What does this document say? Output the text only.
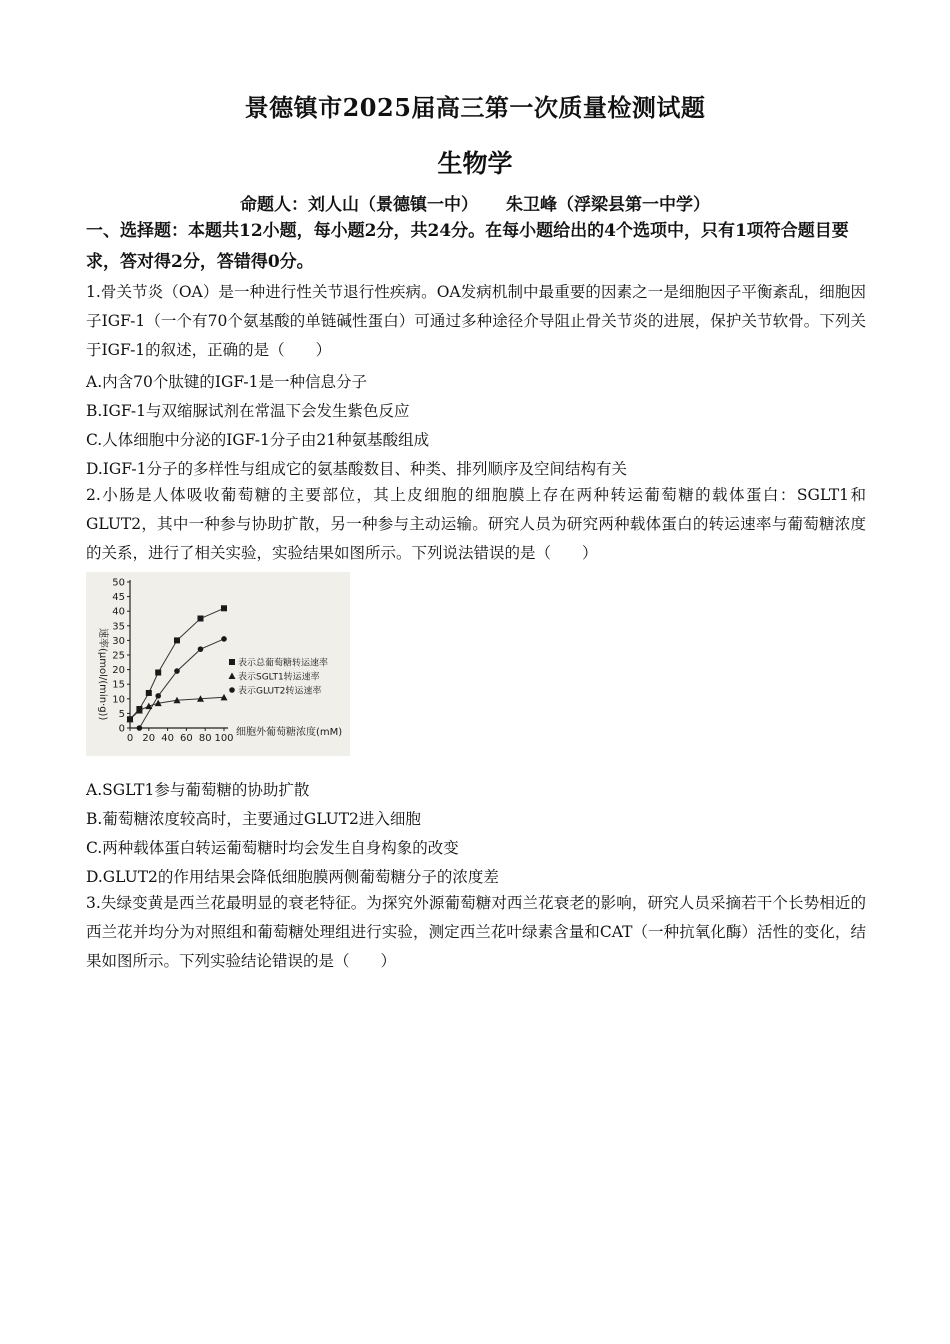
景德镇市2025届高三第一次质量检测试题
生物学
命题人：刘人山（景德镇一中） 朱卫峰（浮梁县第一中学）
一、选择题：本题共12小题，每小题2分，共24分。在每小题给出的4个选项中，只有1项符合题目要求，答对得2分，答错得0分。
1.骨关节炎（OA）是一种进行性关节退行性疾病。OA发病机制中最重要的因素之一是细胞因子平衡紊乱，细胞因子IGF-1（一个有70个氨基酸的单链碱性蛋白）可通过多种途径介导阻止骨关节炎的进展，保护关节软骨。下列关于IGF-1的叙述，正确的是（　　）
A.内含70个肽键的IGF-1是一种信息分子
B.IGF-1与双缩脲试剂在常温下会发生紫色反应
C.人体细胞中分泌的IGF-1分子由21种氨基酸组成
D.IGF-1分子的多样性与组成它的氨基酸数目、种类、排列顺序及空间结构有关
2.小肠是人体吸收葡萄糖的主要部位，其上皮细胞的细胞膜上存在两种转运葡萄糖的载体蛋白：SGLT1和GLUT2，其中一种参与协助扩散，另一种参与主动运输。研究人员为研究两种载体蛋白的转运速率与葡萄糖浓度的关系，进行了相关实验，实验结果如图所示。下列说法错误的是（　　）
0
5
10
15
20
25
30
35
40
45
50
0 20 40 60 80 100
速率(μmol/(min·g))
细胞外葡萄糖浓度(mM)
表示总葡萄糖转运速率
表示SGLT1转运速率
表示GLUT2转运速率
A.SGLT1参与葡萄糖的协助扩散
B.葡萄糖浓度较高时，主要通过GLUT2进入细胞
C.两种载体蛋白转运葡萄糖时均会发生自身构象的改变
D.GLUT2的作用结果会降低细胞膜两侧葡萄糖分子的浓度差
3.失绿变黄是西兰花最明显的衰老特征。为探究外源葡萄糖对西兰花衰老的影响，研究人员采摘若干个长势相近的西兰花并均分为对照组和葡萄糖处理组进行实验，测定西兰花叶绿素含量和CAT（一种抗氧化酶）活性的变化，结果如图所示。下列实验结论错误的是（　　）
